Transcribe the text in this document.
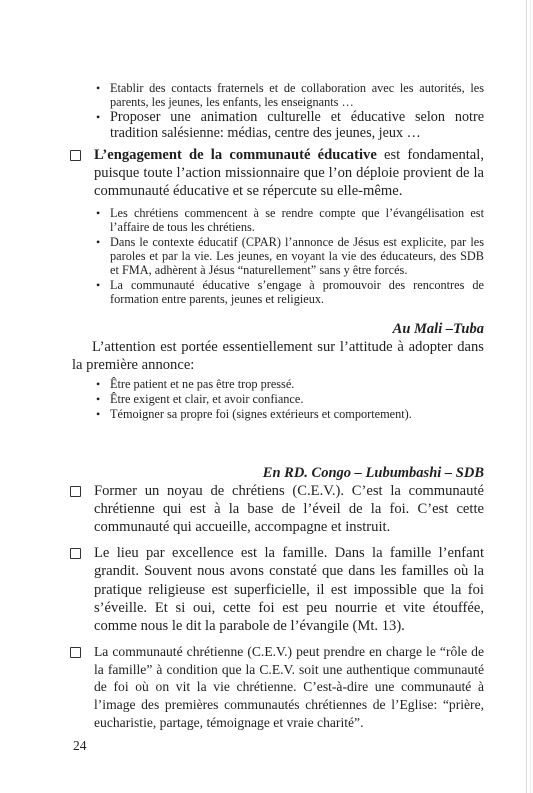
• Etablir des contacts fraternels et de collaboration avec les autorités, les parents, les jeunes, les enfants, les enseignants …
• Proposer une animation culturelle et éducative selon notre tradition salésienne: médias, centre des jeunes, jeux …
L’engagement de la communauté éducative est fondamental, puisque toute l’action missionnaire que l’on déploie provient de la communauté éducative et se répercute su elle-même.
• Les chrétiens commencent à se rendre compte que l’évangélisation est l’affaire de tous les chrétiens.
• Dans le contexte éducatif (CPAR) l’annonce de Jésus est explicite, par les paroles et par la vie. Les jeunes, en voyant la vie des éducateurs, des SDB et FMA, adhèrent à Jésus “naturellement” sans y être forcés.
• La communauté éducative s’engage à promouvoir des rencontres de formation entre parents, jeunes et religieux.
Au Mali –Tuba
L’attention est portée essentiellement sur l’attitude à adopter dans la première annonce:
• Être patient et ne pas être trop pressé.
• Être exigent et clair, et avoir confiance.
• Témoigner sa propre foi (signes extérieurs et comportement).
En RD. Congo – Lubumbashi – SDB
Former un noyau de chrétiens (C.E.V.). C’est la communauté chrétienne qui est à la base de l’éveil de la foi. C’est cette communauté qui accueille, accompagne et instruit.
Le lieu par excellence est la famille. Dans la famille l’enfant grandit. Souvent nous avons constaté que dans les familles où la pratique religieuse est superficielle, il est impossible que la foi s’éveille. Et si oui, cette foi est peu nourrie et vite étouffée, comme nous le dit la parabole de l’évangile (Mt. 13).
La communauté chrétienne (C.E.V.) peut prendre en charge le “rôle de la famille” à condition que la C.E.V. soit une authentique communauté de foi où on vit la vie chrétienne. C’est-à-dire une communauté à l’image des premières communautés chrétiennes de l’Eglise: “prière, eucharistie, partage, témoignage et vraie charité”.
24
